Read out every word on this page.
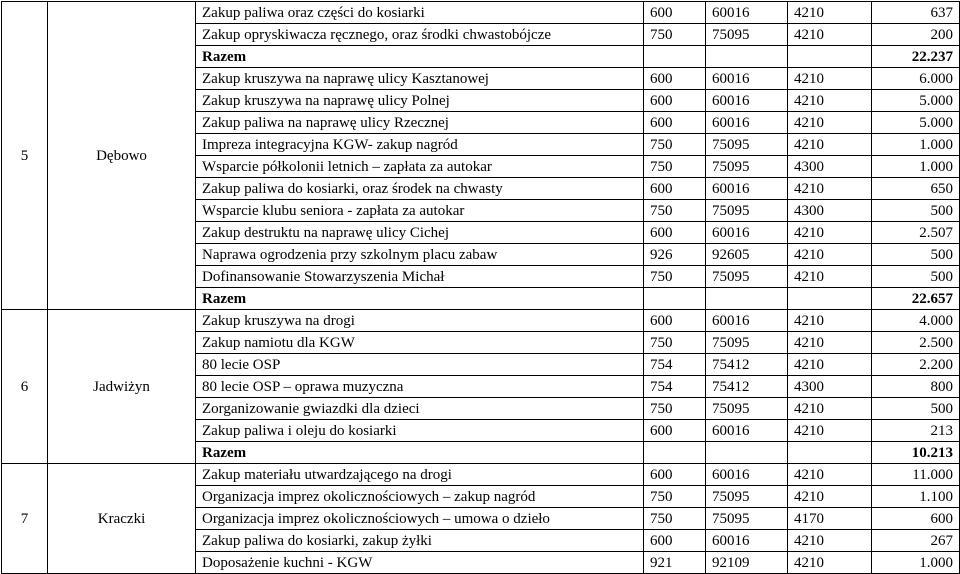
5	Dębowo	Zakup paliwa oraz części do kosiarki	600	60016	4210	637
		Zakup opryskiwacza ręcznego, oraz środki chwastobójcze	750	75095	4210	200
		Razem				22.237
		Zakup kruszywa na naprawę ulicy Kasztanowej	600	60016	4210	6.000
		Zakup kruszywa na naprawę ulicy Polnej	600	60016	4210	5.000
		Zakup paliwa na naprawę ulicy Rzecznej	600	60016	4210	5.000
		Impreza integracyjna KGW- zakup nagród	750	75095	4210	1.000
		Wsparcie półkolonii letnich – zapłata za autokar	750	75095	4300	1.000
		Zakup paliwa do kosiarki, oraz środek na chwasty	600	60016	4210	650
		Wsparcie klubu seniora - zapłata za autokar	750	75095	4300	500
		Zakup destruktu na naprawę ulicy Cichej	600	60016	4210	2.507
		Naprawa ogrodzenia przy szkolnym placu zabaw	926	92605	4210	500
		Dofinansowanie Stowarzyszenia Michał	750	75095	4210	500
		Razem				22.657
6	Jadwiżyn	Zakup kruszywa na drogi	600	60016	4210	4.000
		Zakup namiotu dla KGW	750	75095	4210	2.500
		80 lecie OSP	754	75412	4210	2.200
		80 lecie OSP – oprawa muzyczna	754	75412	4300	800
		Zorganizowanie gwiazdki dla dzieci	750	75095	4210	500
		Zakup paliwa i oleju do kosiarki	600	60016	4210	213
		Razem				10.213
7	Kraczki	Zakup materiału utwardzającego na drogi	600	60016	4210	11.000
		Organizacja imprez okolicznościowych – zakup nagród	750	75095	4210	1.100
		Organizacja imprez okolicznościowych – umowa o dzieło	750	75095	4170	600
		Zakup paliwa do kosiarki, zakup żyłki	600	60016	4210	267
		Doposażenie kuchni - KGW	921	92109	4210	1.000
